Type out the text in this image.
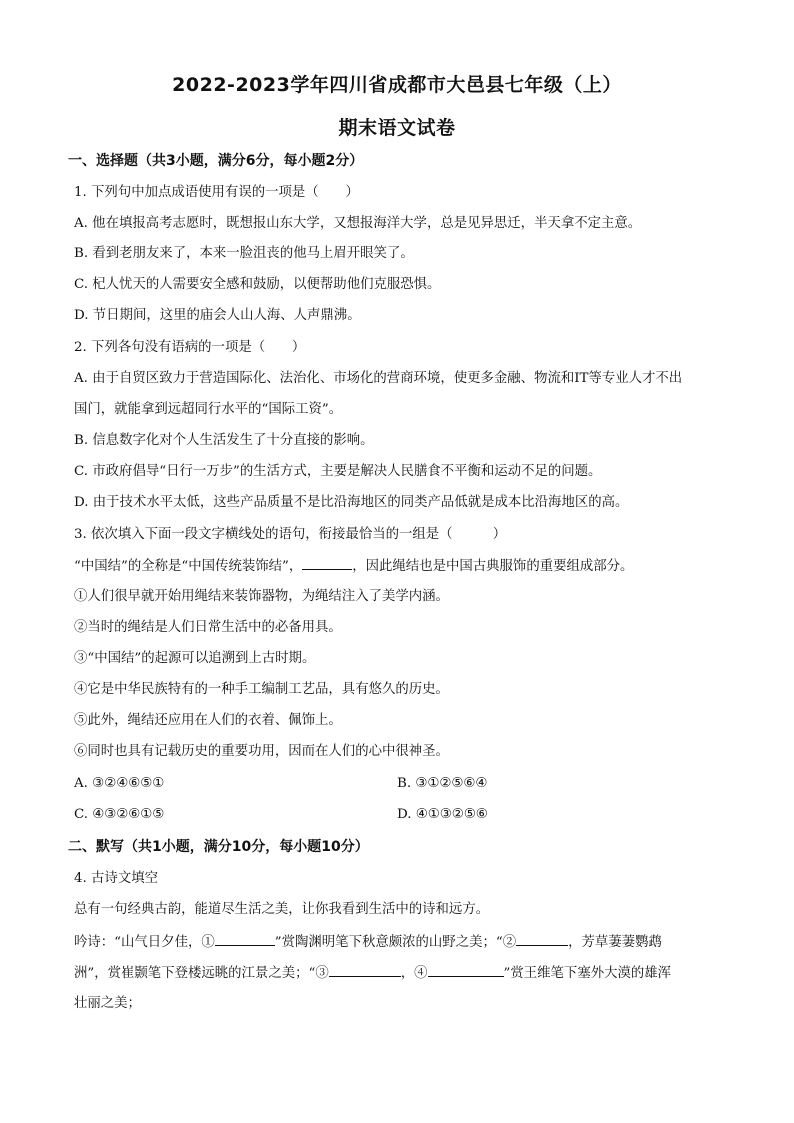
2022-2023学年四川省成都市大邑县七年级（上）
期末语文试卷
一、选择题（共3小题，满分6分，每小题2分）
1. 下列句中加点成语使用有误的一项是（　　）
A. 他在填报高考志愿时，既想报山东大学，又想报海洋大学，总是见异思迁，半天拿不定主意。
B. 看到老朋友来了，本来一脸沮丧的他马上眉开眼笑了。
C. 杞人忧天的人需要安全感和鼓励，以便帮助他们克服恐惧。
D. 节日期间，这里的庙会人山人海、人声鼎沸。
2. 下列各句没有语病的一项是（　　）
A. 由于自贸区致力于营造国际化、法治化、市场化的营商环境，使更多金融、物流和IT等专业人才不出
国门，就能拿到远超同行水平的“国际工资”。
B. 信息数字化对个人生活发生了十分直接的影响。
C. 市政府倡导“日行一万步”的生活方式，主要是解决人民膳食不平衡和运动不足的问题。
D. 由于技术水平太低，这些产品质量不是比沿海地区的同类产品低就是成本比沿海地区的高。
3. 依次填入下面一段文字横线处的语句，衔接最恰当的一组是（　　　）
“中国结”的全称是“中国传统装饰结”，	，因此绳结也是中国古典服饰的重要组成部分。
①人们很早就开始用绳结来装饰器物，为绳结注入了美学内涵。
②当时的绳结是人们日常生活中的必备用具。
③“中国结”的起源可以追溯到上古时期。
④它是中华民族特有的一种手工编制工艺品，具有悠久的历史。
⑤此外，绳结还应用在人们的衣着、佩饰上。
⑥同时也具有记载历史的重要功用，因而在人们的心中很神圣。
A. ③②④⑥⑤①	B. ③①②⑤⑥④
C. ④③②⑥①⑤	D. ④①③②⑤⑥
二、默写（共1小题，满分10分，每小题10分）
4. 古诗文填空
总有一句经典古韵，能道尽生活之美，让你我看到生活中的诗和远方。
吟诗：“山气日夕佳，①	”赏陶渊明笔下秋意颇浓的山野之美；“②	，芳草萋萋鹦鹉
洲”，赏崔颢笔下登楼远眺的江景之美；“③	，④	”赏王维笔下塞外大漠的雄浑
壮丽之美；
